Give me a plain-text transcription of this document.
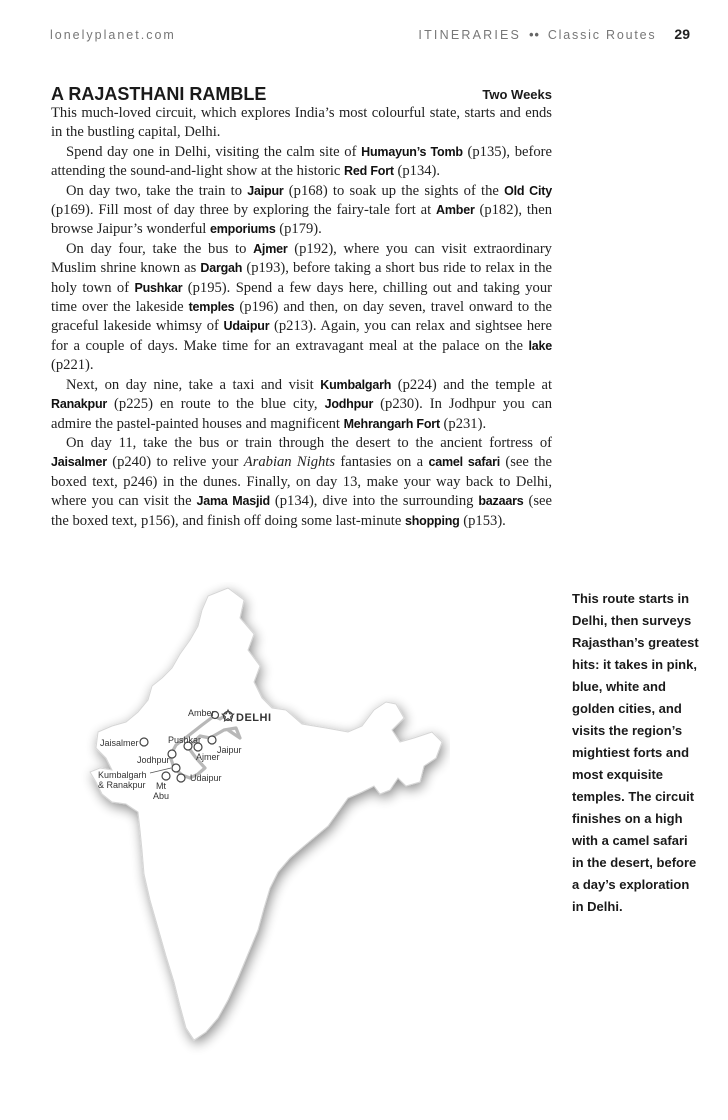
lonelyplanet.com	ITINERARIES •• Classic Routes 29
A RAJASTHANI RAMBLE	Two Weeks

This much-loved circuit, which explores India’s most colourful state, starts and ends in the bustling capital, Delhi.

Spend day one in Delhi, visiting the calm site of Humayun’s Tomb (p135), before attending the sound-and-light show at the historic Red Fort (p134).

On day two, take the train to Jaipur (p168) to soak up the sights of the Old City (p169). Fill most of day three by exploring the fairy-tale fort at Amber (p182), then browse Jaipur’s wonderful emporiums (p179).

On day four, take the bus to Ajmer (p192), where you can visit extraordinary Muslim shrine known as Dargah (p193), before taking a short bus ride to relax in the holy town of Pushkar (p195). Spend a few days here, chilling out and taking your time over the lakeside temples (p196) and then, on day seven, travel onward to the graceful lakeside whimsy of Udaipur (p213). Again, you can relax and sightsee here for a couple of days. Make time for an extravagant meal at the palace on the lake (p221).

Next, on day nine, take a taxi and visit Kumbalgarh (p224) and the temple at Ranakpur (p225) en route to the blue city, Jodhpur (p230). In Jodhpur you can admire the pastel-painted houses and magnificent Mehrangarh Fort (p231).

On day 11, take the bus or train through the desert to the ancient fortress of Jaisalmer (p240) to relive your Arabian Nights fantasies on a camel safari (see the boxed text, p246) in the dunes. Finally, on day 13, make your way back to Delhi, where you can visit the Jama Masjid (p134), dive into the surrounding bazaars (see the boxed text, p156), and finish off doing some last-minute shopping (p153).

Amber DELHI
Jaisalmer	Pushkar
Jaipur
Ajmer
Jodhpur
Kumbalgarh
& Ranakpur
Udaipur
Mt
Abu
This route starts in Delhi, then surveys Rajasthan’s greatest hits: it takes in pink, blue, white and golden cities, and visits the region’s mightiest forts and most exquisite temples. The circuit finishes on a high with a camel safari in the desert, before a day’s exploration in Delhi.
